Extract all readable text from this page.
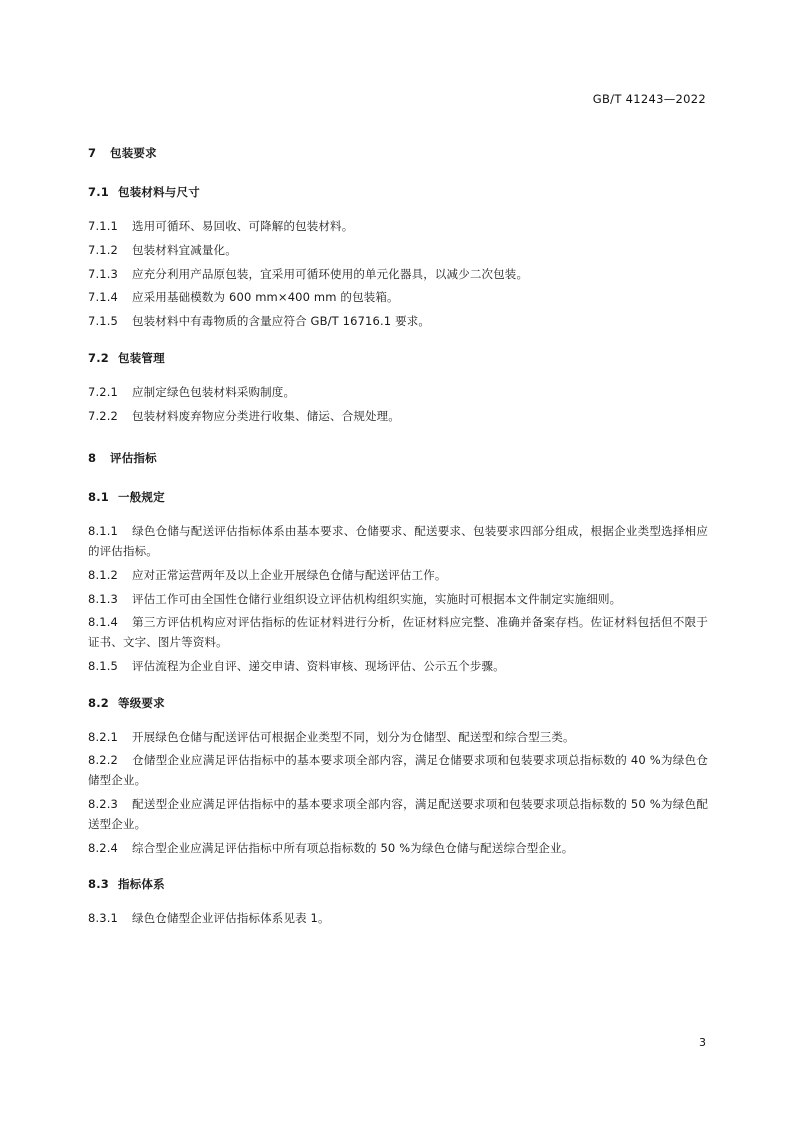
GB/T 41243—2022
7 包装要求
7.1 包装材料与尺寸

7.1.1 选用可循环、易回收、可降解的包装材料。

7.1.2 包装材料宜减量化。

7.1.3 应充分利用产品原包装，宜采用可循环使用的单元化器具，以减少二次包装。

7.1.4 应采用基础模数为 600 mm×400 mm 的包装箱。

7.1.5 包装材料中有毒物质的含量应符合 GB/T 16716.1 要求。

7.2 包装管理

7.2.1 应制定绿色包装材料采购制度。

7.2.2 包装材料废弃物应分类进行收集、储运、合规处理。

8 评估指标
8.1 一般规定

8.1.1 绿色仓储与配送评估指标体系由基本要求、仓储要求、配送要求、包装要求四部分组成，根据企业类型选择相应的评估指标。

8.1.2 应对正常运营两年及以上企业开展绿色仓储与配送评估工作。

8.1.3 评估工作可由全国性仓储行业组织设立评估机构组织实施，实施时可根据本文件制定实施细则。

8.1.4 第三方评估机构应对评估指标的佐证材料进行分析，佐证材料应完整、准确并备案存档。佐证材料包括但不限于证书、文字、图片等资料。

8.1.5 评估流程为企业自评、递交申请、资料审核、现场评估、公示五个步骤。

8.2 等级要求

8.2.1 开展绿色仓储与配送评估可根据企业类型不同，划分为仓储型、配送型和综合型三类。

8.2.2 仓储型企业应满足评估指标中的基本要求项全部内容，满足仓储要求项和包装要求项总指标数的 40 %为绿色仓储型企业。

8.2.3 配送型企业应满足评估指标中的基本要求项全部内容，满足配送要求项和包装要求项总指标数的 50 %为绿色配送型企业。

8.2.4 综合型企业应满足评估指标中所有项总指标数的 50 %为绿色仓储与配送综合型企业。

8.3 指标体系

8.3.1 绿色仓储型企业评估指标体系见表 1。

3
